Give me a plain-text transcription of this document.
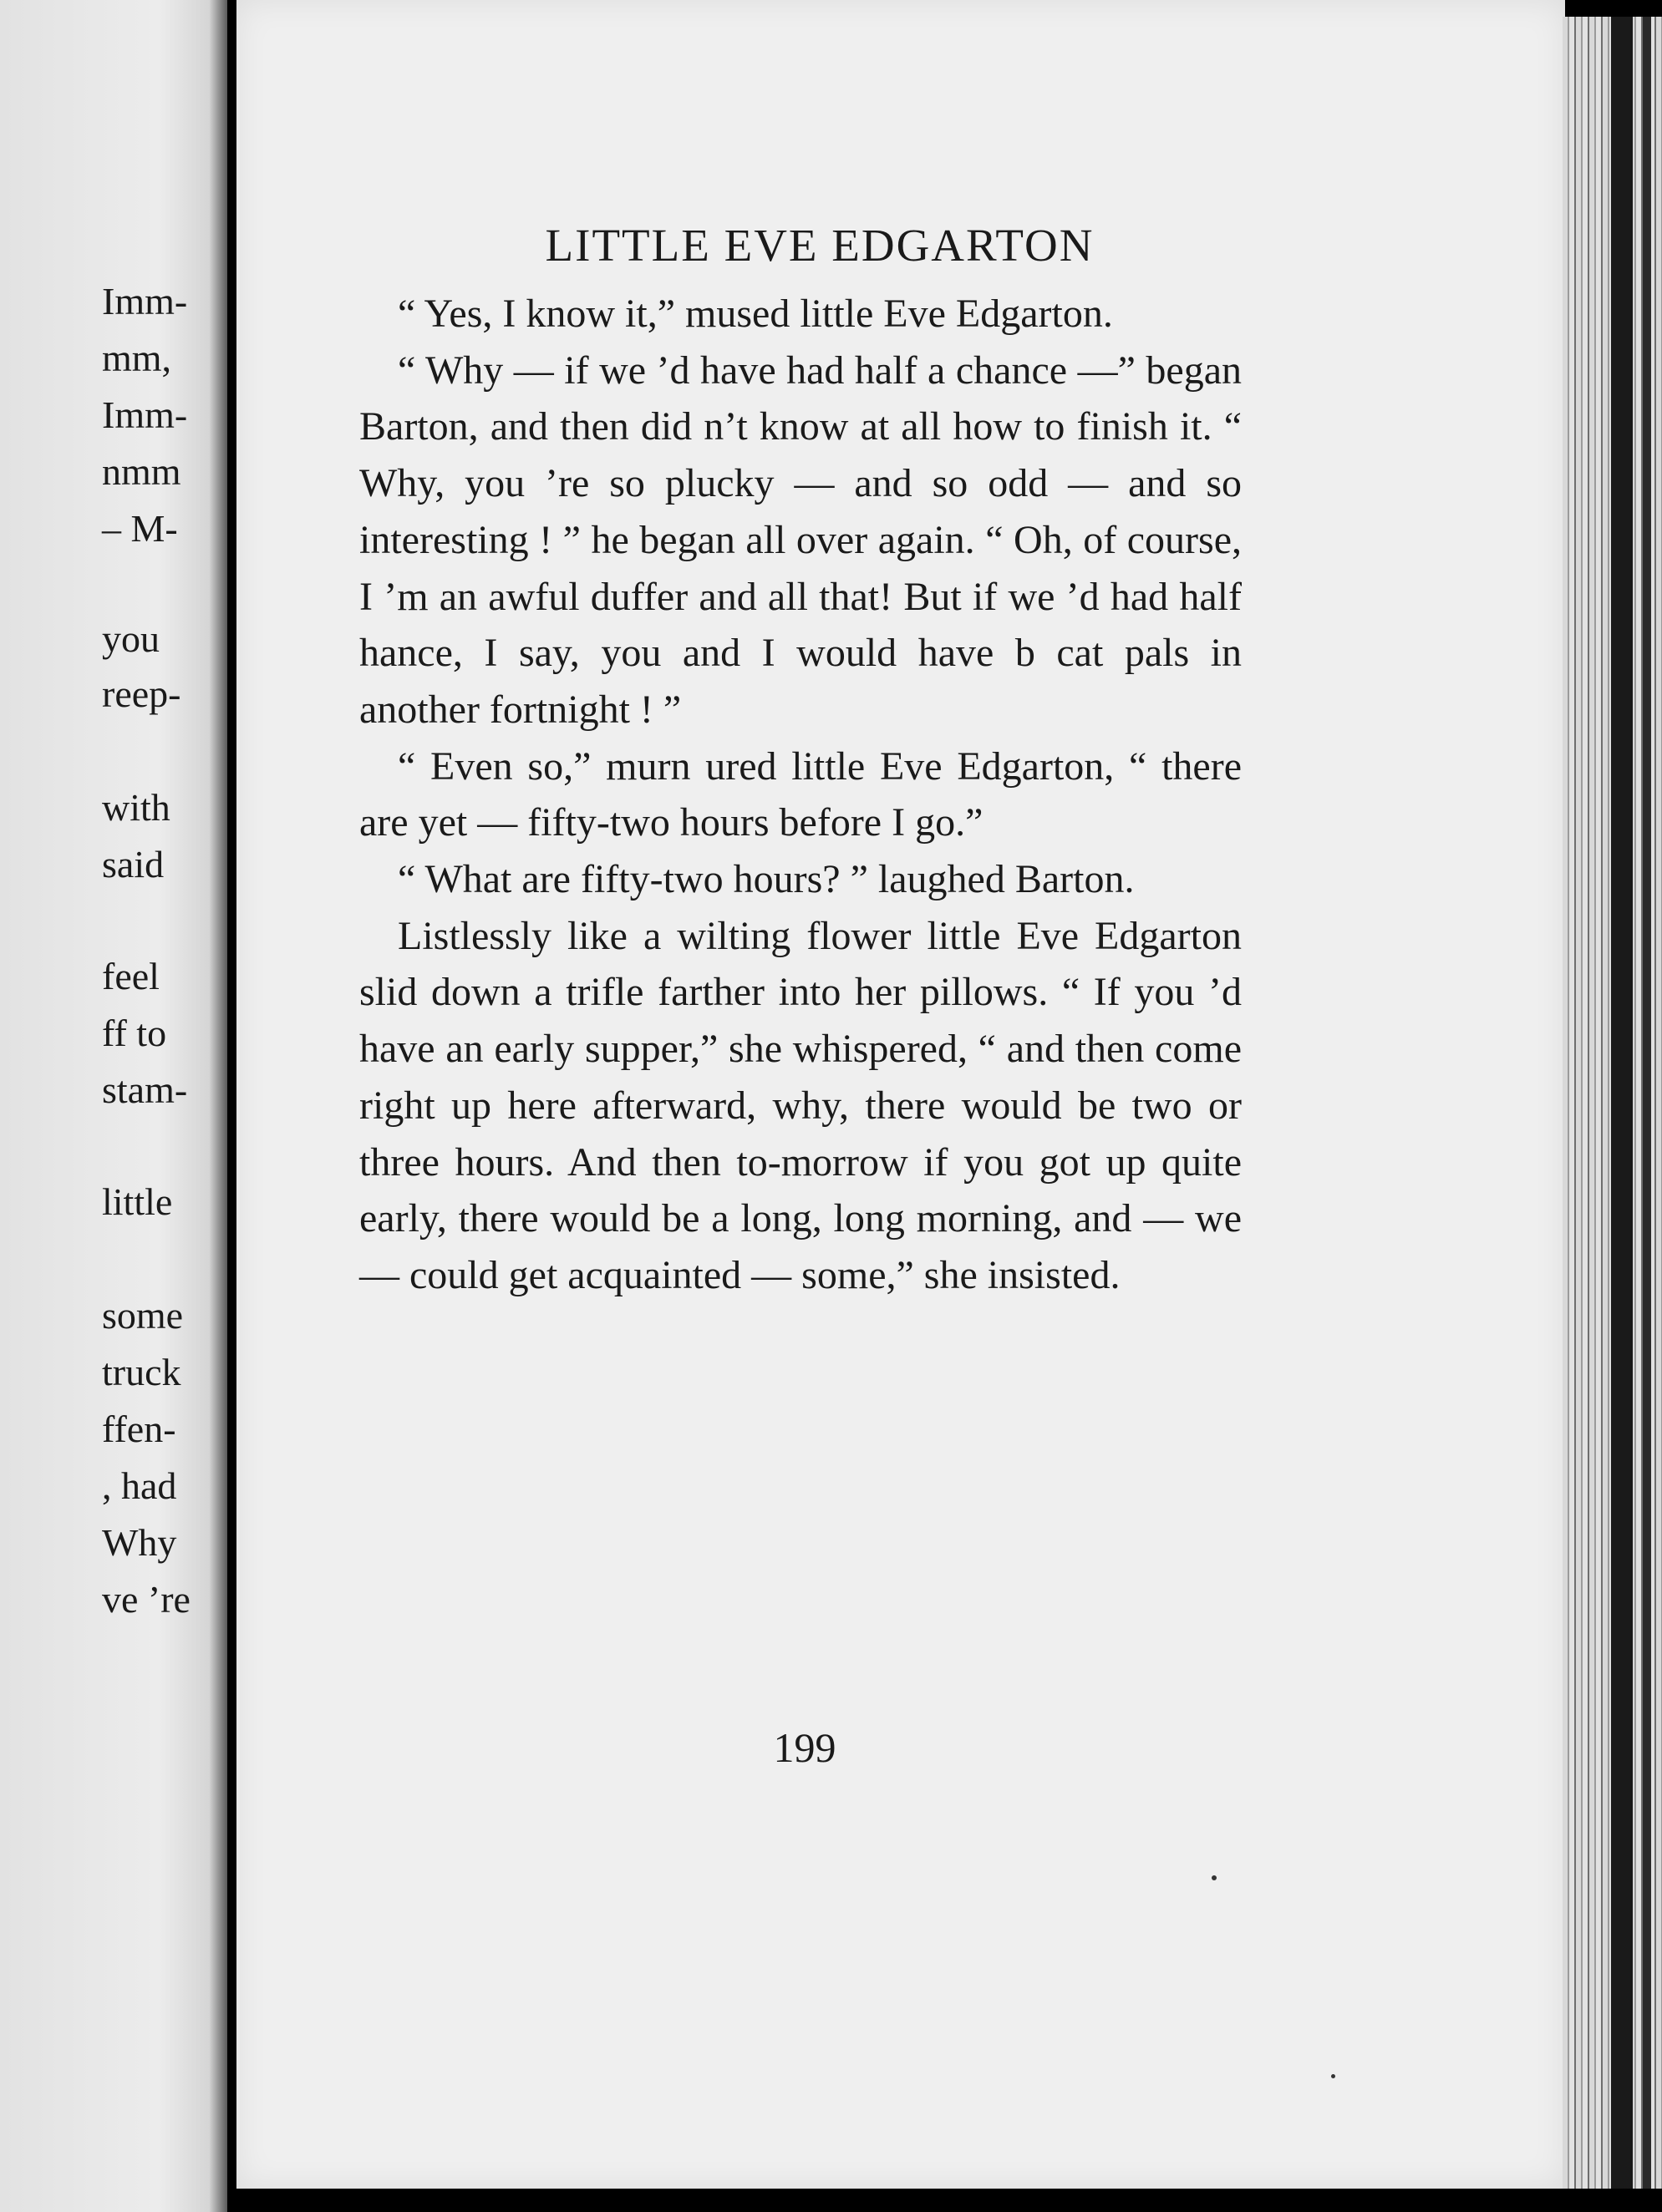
Imm-
mm,
Imm-
nmm
– M-
you
reep-
with
said
feel
ff to
stam-
little
some
truck
ffen-
, had
Why
ve ’re
LITTLE EVE EDGARTON

“ Yes, I know it,” mused little Eve Edgarton.

“ Why — if we ’d have had half a chance —” began Barton, and then did n’t know at all how to finish it. “ Why, you ’re so plucky — and so odd — and so interesting ! ” he began all over again. “ Oh, of course, I ’m an awful duffer and all that! But if we ’d had half hance, I say, you and I would have b cat pals in another fortnight ! ”

“ Even so,” murn ured little Eve Edgarton, “ there are yet — fifty-two hours before I go.”

“ What are fifty-two hours? ” laughed Barton.

Listlessly like a wilting flower little Eve Edgarton slid down a trifle farther into her pillows. “ If you ’d have an early supper,” she whispered, “ and then come right up here afterward, why, there would be two or three hours. And then to-morrow if you got up quite early, there would be a long, long morning, and — we — could get acquainted — some,” she insisted.

199
